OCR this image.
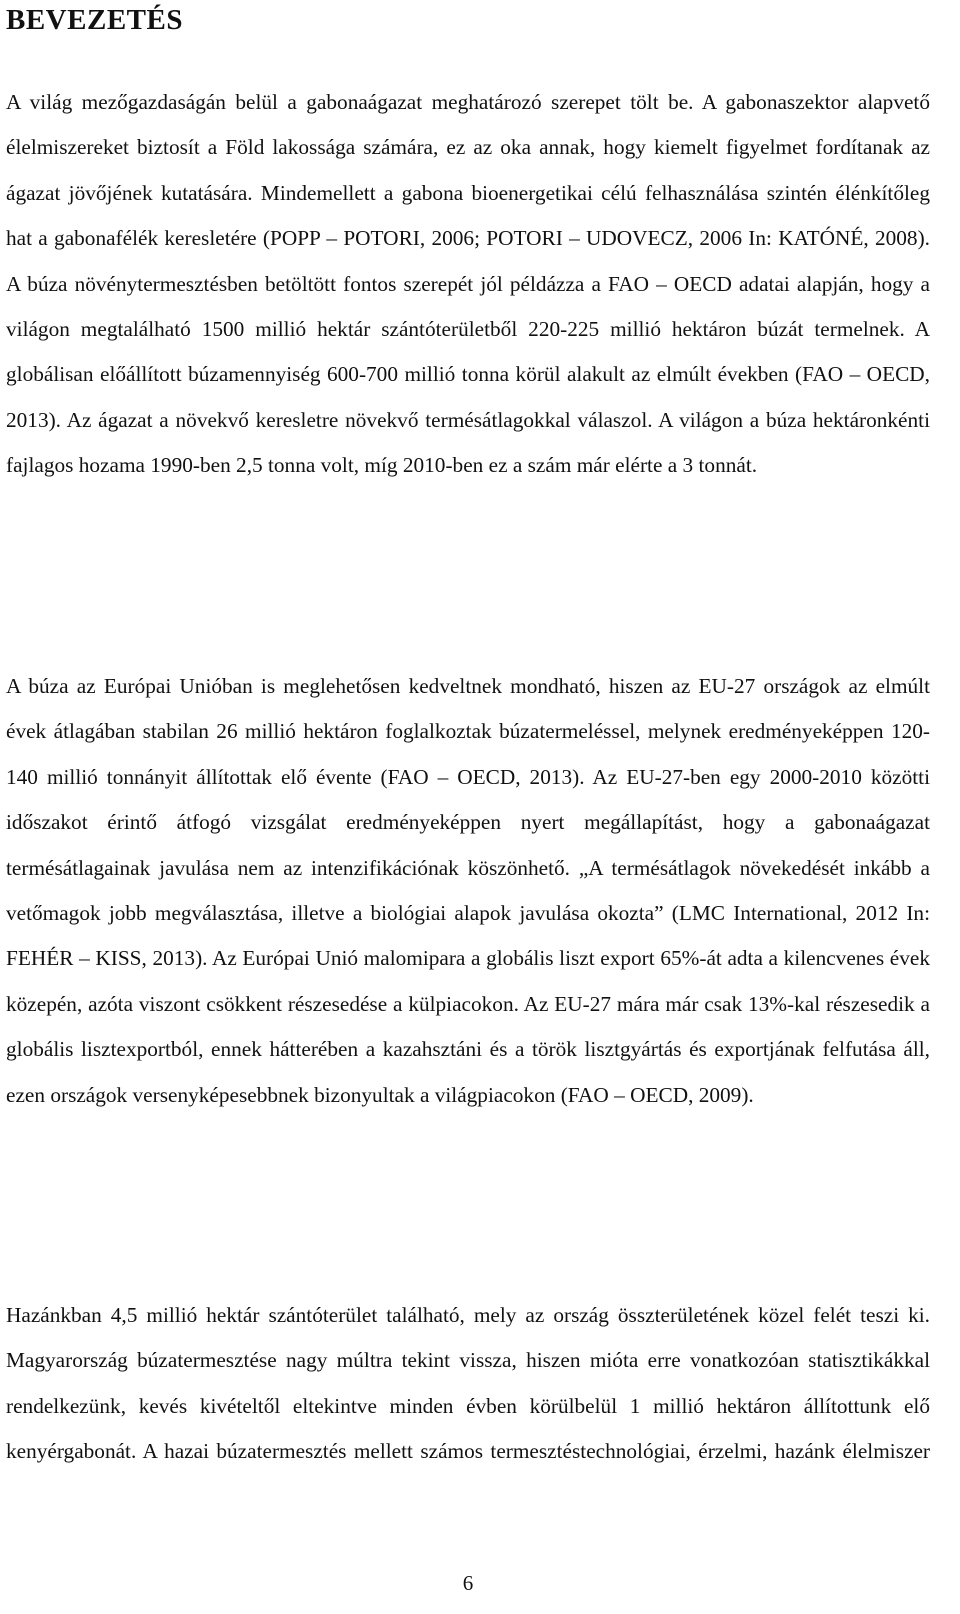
BEVEZETÉS

A világ mezőgazdaságán belül a gabonaágazat meghatározó szerepet tölt be. A gabonaszektor alapvető élelmiszereket biztosít a Föld lakossága számára, ez az oka annak, hogy kiemelt figyelmet fordítanak az ágazat jövőjének kutatására. Mindemellett a gabona bioenergetikai célú felhasználása szintén élénkítőleg hat a gabonafélék keresletére (POPP – POTORI, 2006; POTORI – UDOVECZ, 2006 In: KATÓNÉ, 2008). A búza növénytermesztésben betöltött fontos szerepét jól példázza a FAO – OECD adatai alapján, hogy a világon megtalálható 1500 millió hektár szántóterületből 220-225 millió hektáron búzát termelnek. A globálisan előállított búzamennyiség 600-700 millió tonna körül alakult az elmúlt években (FAO – OECD, 2013). Az ágazat a növekvő keresletre növekvő termésátlagokkal válaszol. A világon a búza hektáronkénti fajlagos hozama 1990-ben 2,5 tonna volt, míg 2010-ben ez a szám már elérte a 3 tonnát.

A búza az Európai Unióban is meglehetősen kedveltnek mondható, hiszen az EU-27 országok az elmúlt évek átlagában stabilan 26 millió hektáron foglalkoztak búzatermeléssel, melynek eredményeképpen 120-140 millió tonnányit állítottak elő évente (FAO – OECD, 2013). Az EU-27-ben egy 2000-2010 közötti időszakot érintő átfogó vizsgálat eredményeképpen nyert megállapítást, hogy a gabonaágazat termésátlagainak javulása nem az intenzifikációnak köszönhető. „A termésátlagok növekedését inkább a vetőmagok jobb megválasztása, illetve a biológiai alapok javulása okozta” (LMC International, 2012 In: FEHÉR – KISS, 2013). Az Európai Unió malomipara a globális liszt export 65%-át adta a kilencvenes évek közepén, azóta viszont csökkent részesedése a külpiacokon. Az EU-27 mára már csak 13%-kal részesedik a globális lisztexportból, ennek hátterében a kazahsztáni és a török lisztgyártás és exportjának felfutása áll, ezen országok versenyképesebbnek bizonyultak a világpiacokon (FAO – OECD, 2009).

Hazánkban 4,5 millió hektár szántóterület található, mely az ország összterületének közel felét teszi ki. Magyarország búzatermesztése nagy múltra tekint vissza, hiszen mióta erre vonatkozóan statisztikákkal rendelkezünk, kevés kivételtől eltekintve minden évben körülbelül 1 millió hektáron állítottunk elő kenyérgabonát. A hazai búzatermesztés mellett számos termesztéstechnológiai, érzelmi, hazánk élelmiszer

6
